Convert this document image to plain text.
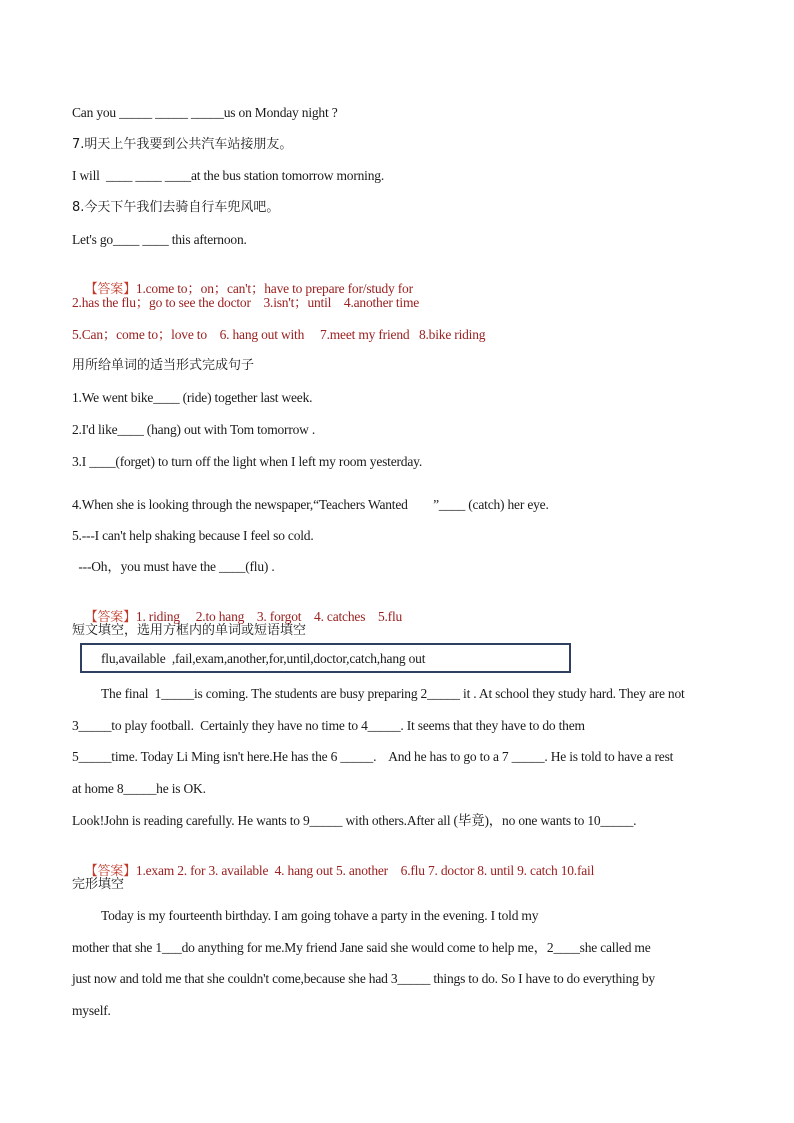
Can you _____ _____ _____us on Monday night ?
7.明天上午我要到公共汽车站接朋友。
I will  ____ ____ ____at the bus station tomorrow morning.
8.今天下午我们去骑自行车兜风吧。
Let's go____ ____ this afternoon.

【答案】1.come to；on；can't；have to prepare for/study for

2.has the flu；go to see the doctor    3.isn't；until    4.another time
5.Can；come to；love to    6. hang out with     7.meet my friend   8.bike riding
用所给单词的适当形式完成句子
1.We went bike____ (ride) together last week.
2.I'd like____ (hang) out with Tom tomorrow .
3.I ____(forget) to turn off the light when I left my room yesterday.
4.When she is looking through the newspaper,“Teachers Wanted        ”____ (catch) her eye.
5.---I can't help shaking because I feel so cold.
---Oh，you must have the ____(flu) .

【答案】1. riding     2.to hang    3. forgot    4. catches    5.flu

短文填空，选用方框内的单词或短语填空
flu,available  ,fail,exam,another,for,until,doctor,catch,hang out
The final  1_____is coming. The students are busy preparing 2_____ it . At school they study hard. They are not
3_____to play football.  Certainly they have no time to 4_____. It seems that they have to do them
5_____time. Today Li Ming isn't here.He has the 6 _____.    And he has to go to a 7 _____. He is told to have a rest
at home 8_____he is OK.
Look!John is reading carefully. He wants to 9_____ with others.After all (毕竟)，no one wants to 10_____.

【答案】1.exam 2. for 3. available  4. hang out 5. another    6.flu 7. doctor 8. until 9. catch 10.fail

完形填空
Today is my fourteenth birthday. I am going tohave a party in the evening. I told my
mother that she 1___do anything for me.My friend Jane said she would come to help me，2____she called me
just now and told me that she couldn't come,because she had 3_____ things to do. So I have to do everything by
myself.
